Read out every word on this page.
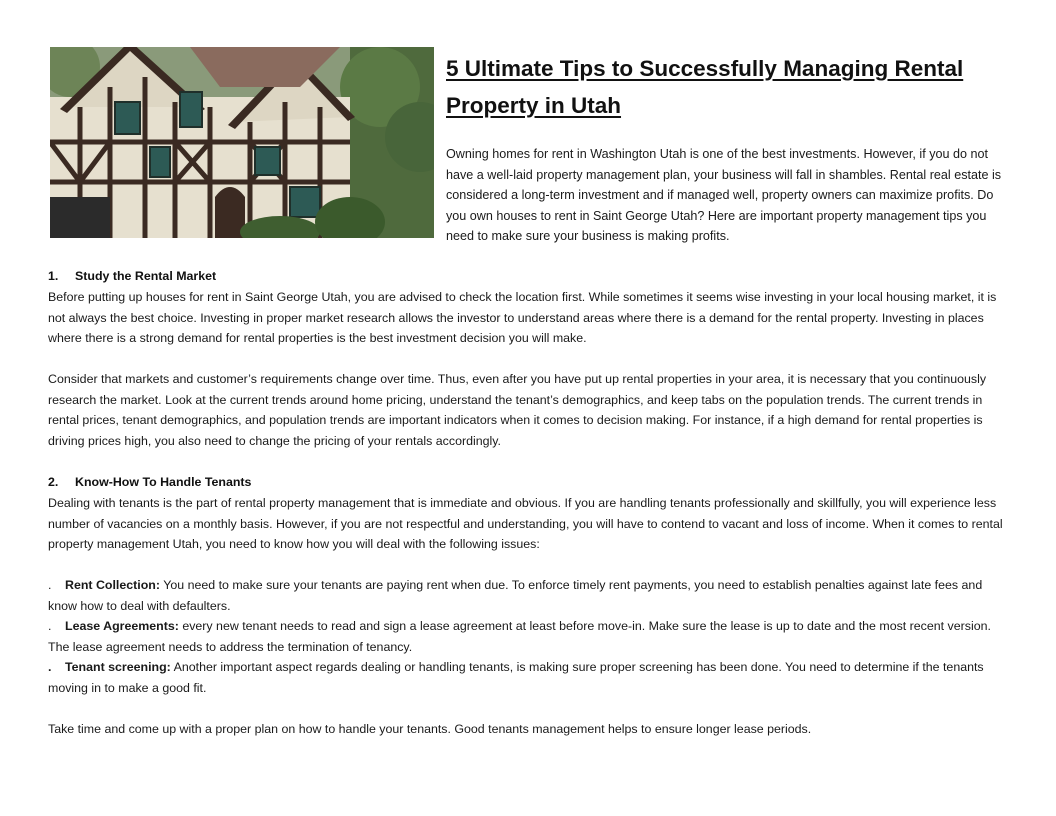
5 Ultimate Tips to Successfully Managing Rental Property in Utah

Owning homes for rent in Washington Utah is one of the best investments. However, if you do not have a well-laid property management plan, your business will fall in shambles. Rental real estate is considered a long-term investment and if managed well, property owners can maximize profits. Do you own houses to rent in Saint George Utah? Here are important property management tips you need to make sure your business is making profits.

1. Study the Rental Market

Before putting up houses for rent in Saint George Utah, you are advised to check the location first. While sometimes it seems wise investing in your local housing market, it is not always the best choice. Investing in proper market research allows the investor to understand areas where there is a demand for the rental property. Investing in places where there is a strong demand for rental properties is the best investment decision you will make.

Consider that markets and customer’s requirements change over time. Thus, even after you have put up rental properties in your area, it is necessary that you continuously research the market. Look at the current trends around home pricing, understand the tenant’s demographics, and keep tabs on the population trends. The current trends in rental prices, tenant demographics, and population trends are important indicators when it comes to decision making. For instance, if a high demand for rental properties is driving prices high, you also need to change the pricing of your rentals accordingly.

2. Know-How To Handle Tenants

Dealing with tenants is the part of rental property management that is immediate and obvious. If you are handling tenants professionally and skillfully, you will experience less number of vacancies on a monthly basis. However, if you are not respectful and understanding, you will have to contend to vacant and loss of income. When it comes to rental property management Utah, you need to know how you will deal with the following issues:

. Rent Collection: You need to make sure your tenants are paying rent when due. To enforce timely rent payments, you need to establish penalties against late fees and know how to deal with defaulters.

. Lease Agreements: every new tenant needs to read and sign a lease agreement at least before move-in. Make sure the lease is up to date and the most recent version. The lease agreement needs to address the termination of tenancy.

. Tenant screening: Another important aspect regards dealing or handling tenants, is making sure proper screening has been done. You need to determine if the tenants moving in to make a good fit.

Take time and come up with a proper plan on how to handle your tenants. Good tenants management helps to ensure longer lease periods.
